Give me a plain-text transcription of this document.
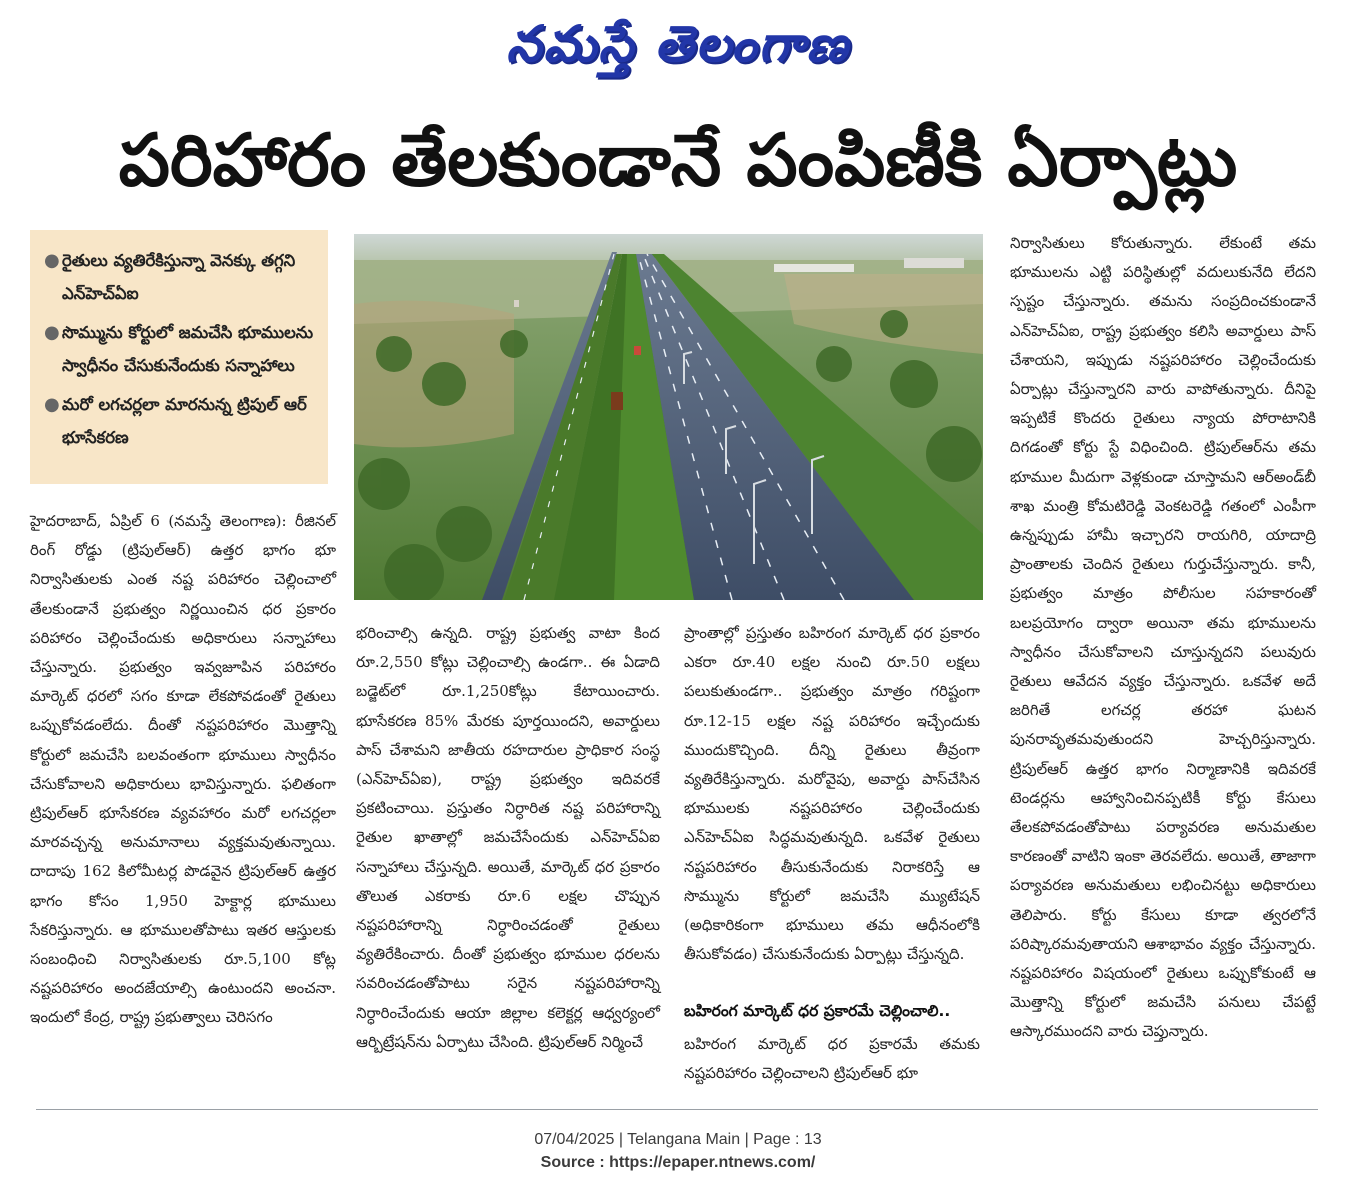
నమస్తే తెలంగాణ
పరిహారం తేలకుండానే పంపిణీకి ఏర్పాట్లు
● రైతులు వ్యతిరేకిస్తున్నా వెనక్కు తగ్గని ఎన్‌హెచ్‌ఏఐ
● సొమ్మును కోర్టులో జమచేసి భూములను స్వాధీనం చేసుకునేందుకు సన్నాహాలు
● మరో లగచర్లలా మారనున్న ట్రిపుల్‌ ఆర్‌ భూసేకరణ

హైదరాబాద్‌, ఏప్రిల్‌ 6 (నమస్తే తెలంగాణ): రీజినల్‌ రింగ్‌ రోడ్డు (ట్రిపుల్‌ఆర్‌) ఉత్తర భాగం భూ నిర్వాసితులకు ఎంత నష్ట పరిహారం చెల్లించాలో తేలకుండానే ప్రభుత్వం నిర్ణయించిన ధర ప్రకారం పరిహారం చెల్లించేందుకు అధికారులు సన్నాహాలు చేస్తున్నారు. ప్రభుత్వం ఇవ్వజూపిన పరిహారం మార్కెట్‌ ధరలో సగం కూడా లేకపోవడంతో రైతులు ఒప్పుకోవడంలేదు. దీంతో నష్టపరిహారం మొత్తాన్ని కోర్టులో జమచేసి బలవంతంగా భూములు స్వాధీనం చేసుకోవాలని అధికారులు భావిస్తున్నారు. ఫలితంగా ట్రిపుల్‌ఆర్‌ భూసేకరణ వ్యవహారం మరో లగచర్లలా మారవచ్చన్న అనుమానాలు వ్యక్తమవుతున్నాయి. దాదాపు 162 కిలోమీటర్ల పొడవైన ట్రిపుల్‌ఆర్‌ ఉత్తర భాగం కోసం 1,950 హెక్టార్ల భూములు సేకరిస్తున్నారు. ఆ భూములతోపాటు ఇతర ఆస్తులకు సంబంధించి నిర్వాసితులకు రూ.5,100 కోట్ల నష్టపరిహారం అందజేయాల్సి ఉంటుందని అంచనా. ఇందులో కేంద్ర, రాష్ట్ర ప్రభుత్వాలు చెరిసగం

భరించాల్సి ఉన్నది. రాష్ట్ర ప్రభుత్వ వాటా కింద రూ.2,550 కోట్లు చెల్లించాల్సి ఉండగా.. ఈ ఏడాది బడ్జెట్‌లో రూ.1,250కోట్లు కేటాయించారు. భూసేకరణ 85% మేరకు పూర్తయిందని, అవార్డులు పాస్‌ చేశామని జాతీయ రహదారుల ప్రాధికార సంస్థ (ఎన్‌హెచ్‌ఏఐ), రాష్ట్ర ప్రభుత్వం ఇదివరకే ప్రకటించాయి. ప్రస్తుతం నిర్ధారిత నష్ట పరిహారాన్ని రైతుల ఖాతాల్లో జమచేసేందుకు ఎన్‌హెచ్‌ఏఐ సన్నాహాలు చేస్తున్నది. అయితే, మార్కెట్‌ ధర ప్రకారం తొలుత ఎకరాకు రూ.6 లక్షల చొప్పున నష్టపరిహారాన్ని నిర్ధారించడంతో రైతులు వ్యతిరేకించారు. దీంతో ప్రభుత్వం భూముల ధరలను సవరించడంతోపాటు సరైన నష్టపరిహారాన్ని నిర్ధారించేందుకు ఆయా జిల్లాల కలెక్టర్ల ఆధ్వర్యంలో ఆర్బిట్రేషన్‌ను ఏర్పాటు చేసింది. ట్రిపుల్‌ఆర్‌ నిర్మించే

ప్రాంతాల్లో ప్రస్తుతం బహిరంగ మార్కెట్‌ ధర ప్రకారం ఎకరా రూ.40 లక్షల నుంచి రూ.50 లక్షలు పలుకుతుండగా.. ప్రభుత్వం మాత్రం గరిష్టంగా రూ.12-15 లక్షల నష్ట పరిహారం ఇచ్చేందుకు ముందుకొచ్చింది. దీన్ని రైతులు తీవ్రంగా వ్యతిరేకిస్తున్నారు. మరోవైపు, అవార్డు పాస్‌చేసిన భూములకు నష్టపరిహారం చెల్లించేందుకు ఎన్‌హెచ్‌ఏఐ సిద్ధమవుతున్నది. ఒకవేళ రైతులు నష్టపరిహారం తీసుకునేందుకు నిరాకరిస్తే ఆ సొమ్మును కోర్టులో జమచేసి మ్యుటేషన్‌ (అధికారికంగా భూములు తమ ఆధీనంలోకి తీసుకోవడం) చేసుకునేందుకు ఏర్పాట్లు చేస్తున్నది.

బహిరంగ మార్కెట్‌ ధర ప్రకారమే చెల్లించాలి..

బహిరంగ మార్కెట్‌ ధర ప్రకారమే తమకు నష్టపరిహారం చెల్లించాలని ట్రిపుల్‌ఆర్‌ భూ

నిర్వాసితులు కోరుతున్నారు. లేకుంటే తమ భూములను ఎట్టి పరిస్థితుల్లో వదులుకునేది లేదని స్పష్టం చేస్తున్నారు. తమను సంప్రదించకుండానే ఎన్‌హెచ్‌ఏఐ, రాష్ట్ర ప్రభుత్వం కలిసి అవార్డులు పాస్‌ చేశాయని, ఇప్పుడు నష్టపరిహారం చెల్లించేందుకు ఏర్పాట్లు చేస్తున్నారని వారు వాపోతున్నారు. దీనిపై ఇప్పటికే కొందరు రైతులు న్యాయ పోరాటానికి దిగడంతో కోర్టు స్టే విధించింది. ట్రిపుల్‌ఆర్‌ను తమ భూముల మీదుగా వెళ్లకుండా చూస్తామని ఆర్‌అండ్‌బీ శాఖ మంత్రి కోమటిరెడ్డి వెంకటరెడ్డి గతంలో ఎంపీగా ఉన్నప్పుడు హామీ ఇచ్చారని రాయగిరి, యాదాద్రి ప్రాంతాలకు చెందిన రైతులు గుర్తుచేస్తున్నారు. కానీ, ప్రభుత్వం మాత్రం పోలీసుల సహకారంతో బలప్రయోగం ద్వారా అయినా తమ భూములను స్వాధీనం చేసుకోవాలని చూస్తున్నదని పలువురు రైతులు ఆవేదన వ్యక్తం చేస్తున్నారు. ఒకవేళ అదే జరిగితే లగచర్ల తరహా ఘటన పునరావృతమవుతుందని హెచ్చరిస్తున్నారు. ట్రిపుల్‌ఆర్‌ ఉత్తర భాగం నిర్మాణానికి ఇదివరకే టెండర్లను ఆహ్వానించినప్పటికీ కోర్టు కేసులు తేలకపోవడంతోపాటు పర్యావరణ అనుమతుల కారణంతో వాటిని ఇంకా తెరవలేదు. అయితే, తాజాగా పర్యావరణ అనుమతులు లభించినట్టు అధికారులు తెలిపారు. కోర్టు కేసులు కూడా త్వరలోనే పరిష్కారమవుతాయని ఆశాభావం వ్యక్తం చేస్తున్నారు. నష్టపరిహారం విషయంలో రైతులు ఒప్పుకోకుంటే ఆ మొత్తాన్ని కోర్టులో జమచేసి పనులు చేపట్టే ఆస్కారముందని వారు చెప్తున్నారు.

07/04/2025 | Telangana Main | Page : 13
Source : https://epaper.ntnews.com/
